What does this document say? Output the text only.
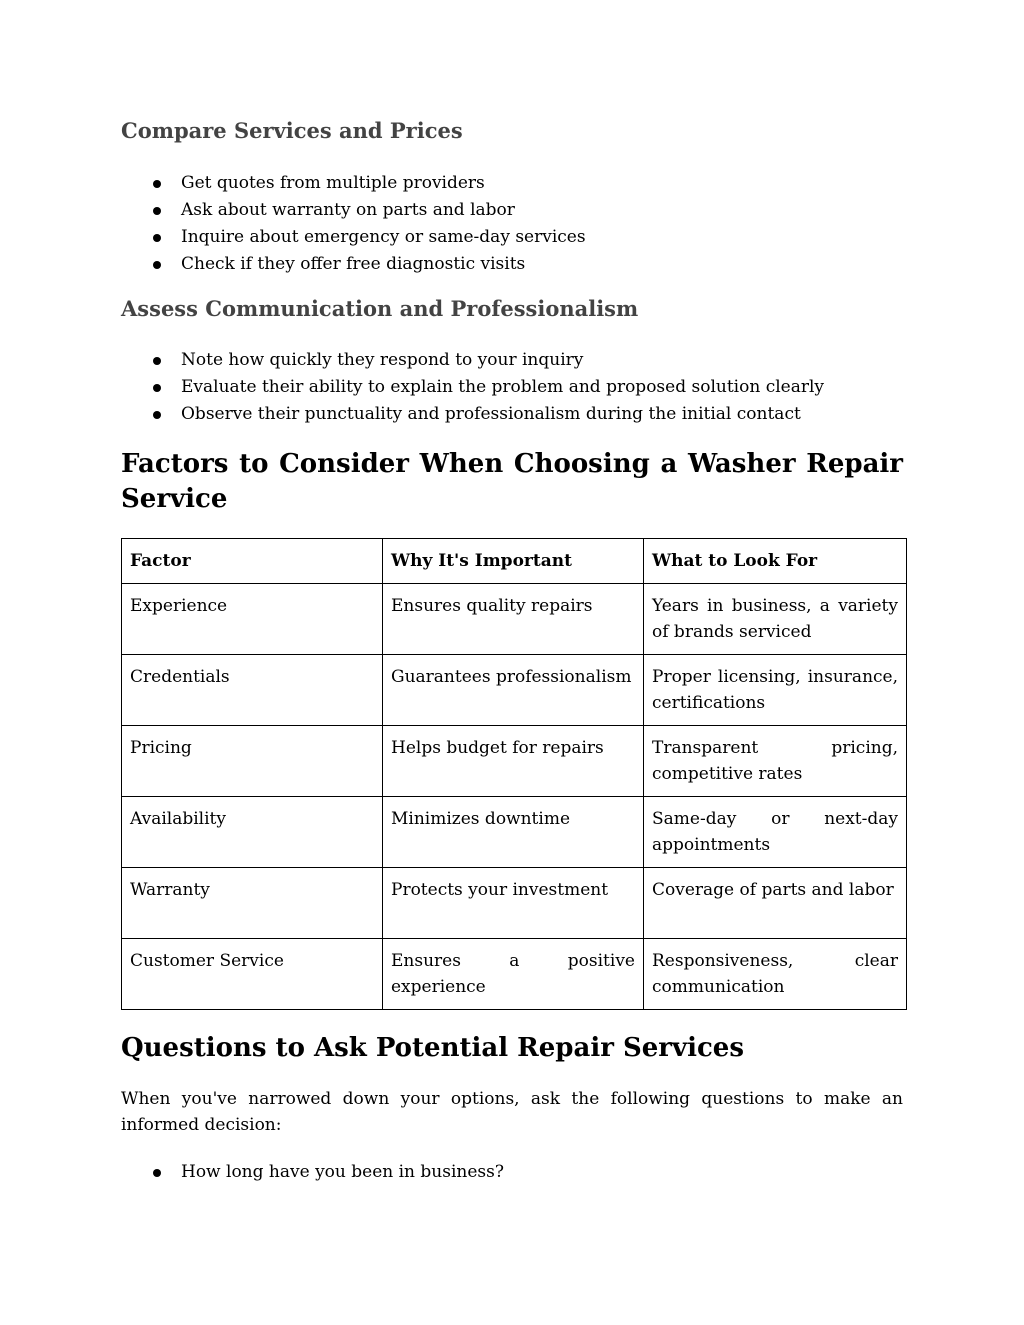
Compare Services and Prices
Get quotes from multiple providers
Ask about warranty on parts and labor
Inquire about emergency or same-day services
Check if they offer free diagnostic visits
Assess Communication and Professionalism
Note how quickly they respond to your inquiry
Evaluate their ability to explain the problem and proposed solution clearly
Observe their punctuality and professionalism during the initial contact
Factors to Consider When Choosing a Washer Repair
Service
Factor	Why It's Important	What to Look For
Experience	Ensures quality repairs	Years in business, a variety of brands serviced
Credentials	Guarantees professionalism	Proper licensing, insurance, certifications
Pricing	Helps budget for repairs	Transparent pricing, competitive rates
Availability	Minimizes downtime	Same-day or next-day appointments
Warranty	Protects your investment	Coverage of parts and labor
Customer Service	Ensures a positive experience	Responsiveness, clear communication
Questions to Ask Potential Repair Services

When you've narrowed down your options, ask the following questions to make an informed decision:

How long have you been in business?
